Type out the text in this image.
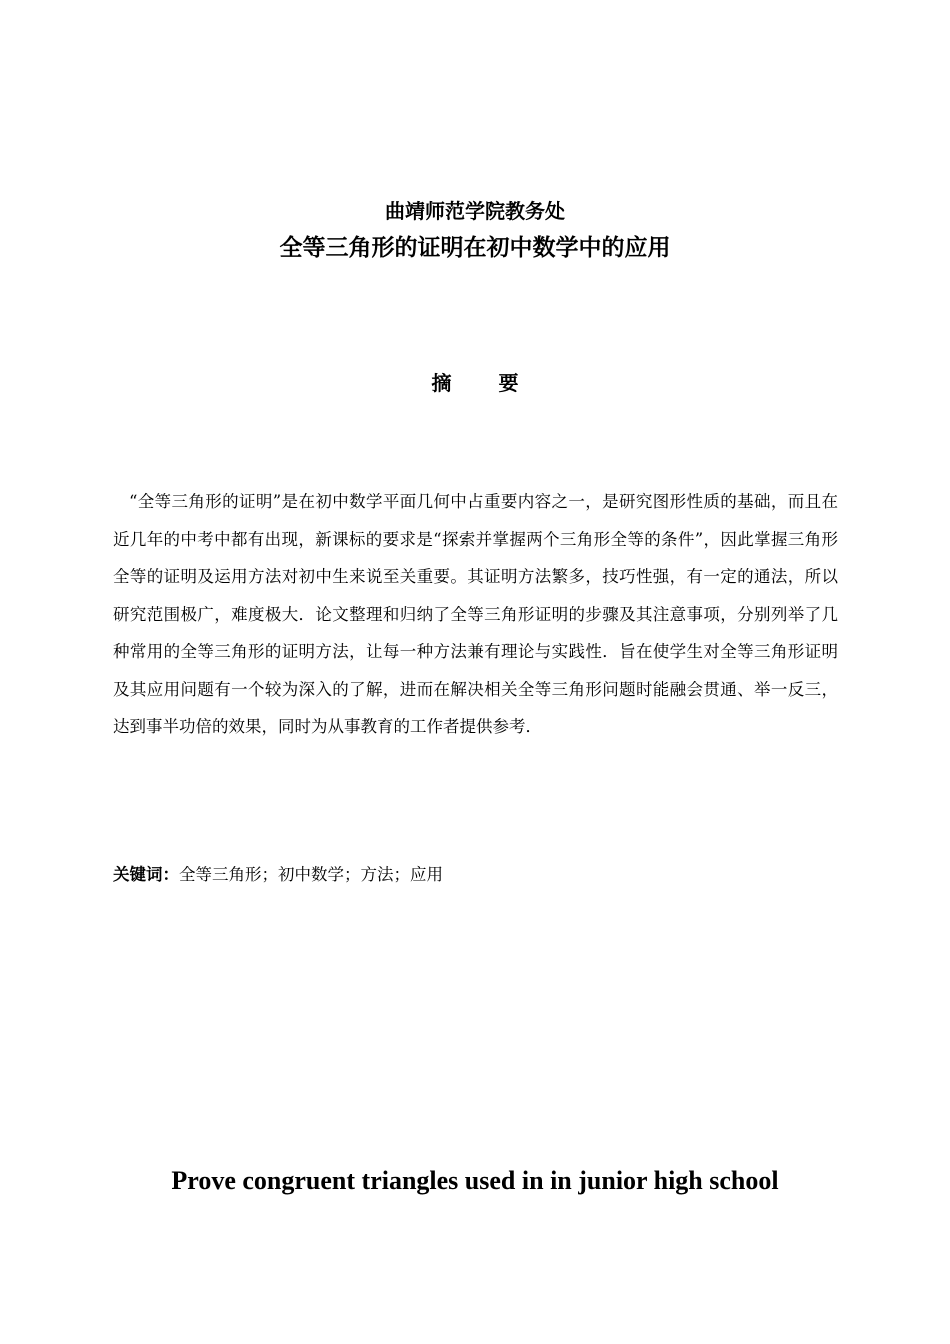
曲靖师范学院教务处
全等三角形的证明在初中数学中的应用
摘 要

“全等三角形的证明”是在初中数学平面几何中占重要内容之一，是研究图形性质的基础，而且在近几年的中考中都有出现，新课标的要求是“探索并掌握两个三角形全等的条件”，因此掌握三角形全等的证明及运用方法对初中生来说至关重要。其证明方法繁多，技巧性强，有一定的通法，所以研究范围极广，难度极大．论文整理和归纳了全等三角形证明的步骤及其注意事项，分别列举了几种常用的全等三角形的证明方法，让每一种方法兼有理论与实践性．旨在使学生对全等三角形证明及其应用问题有一个较为深入的了解，进而在解决相关全等三角形问题时能融会贯通、举一反三，达到事半功倍的效果，同时为从事教育的工作者提供参考．

关键词：全等三角形；初中数学；方法；应用
Prove congruent triangles used in in junior high school
